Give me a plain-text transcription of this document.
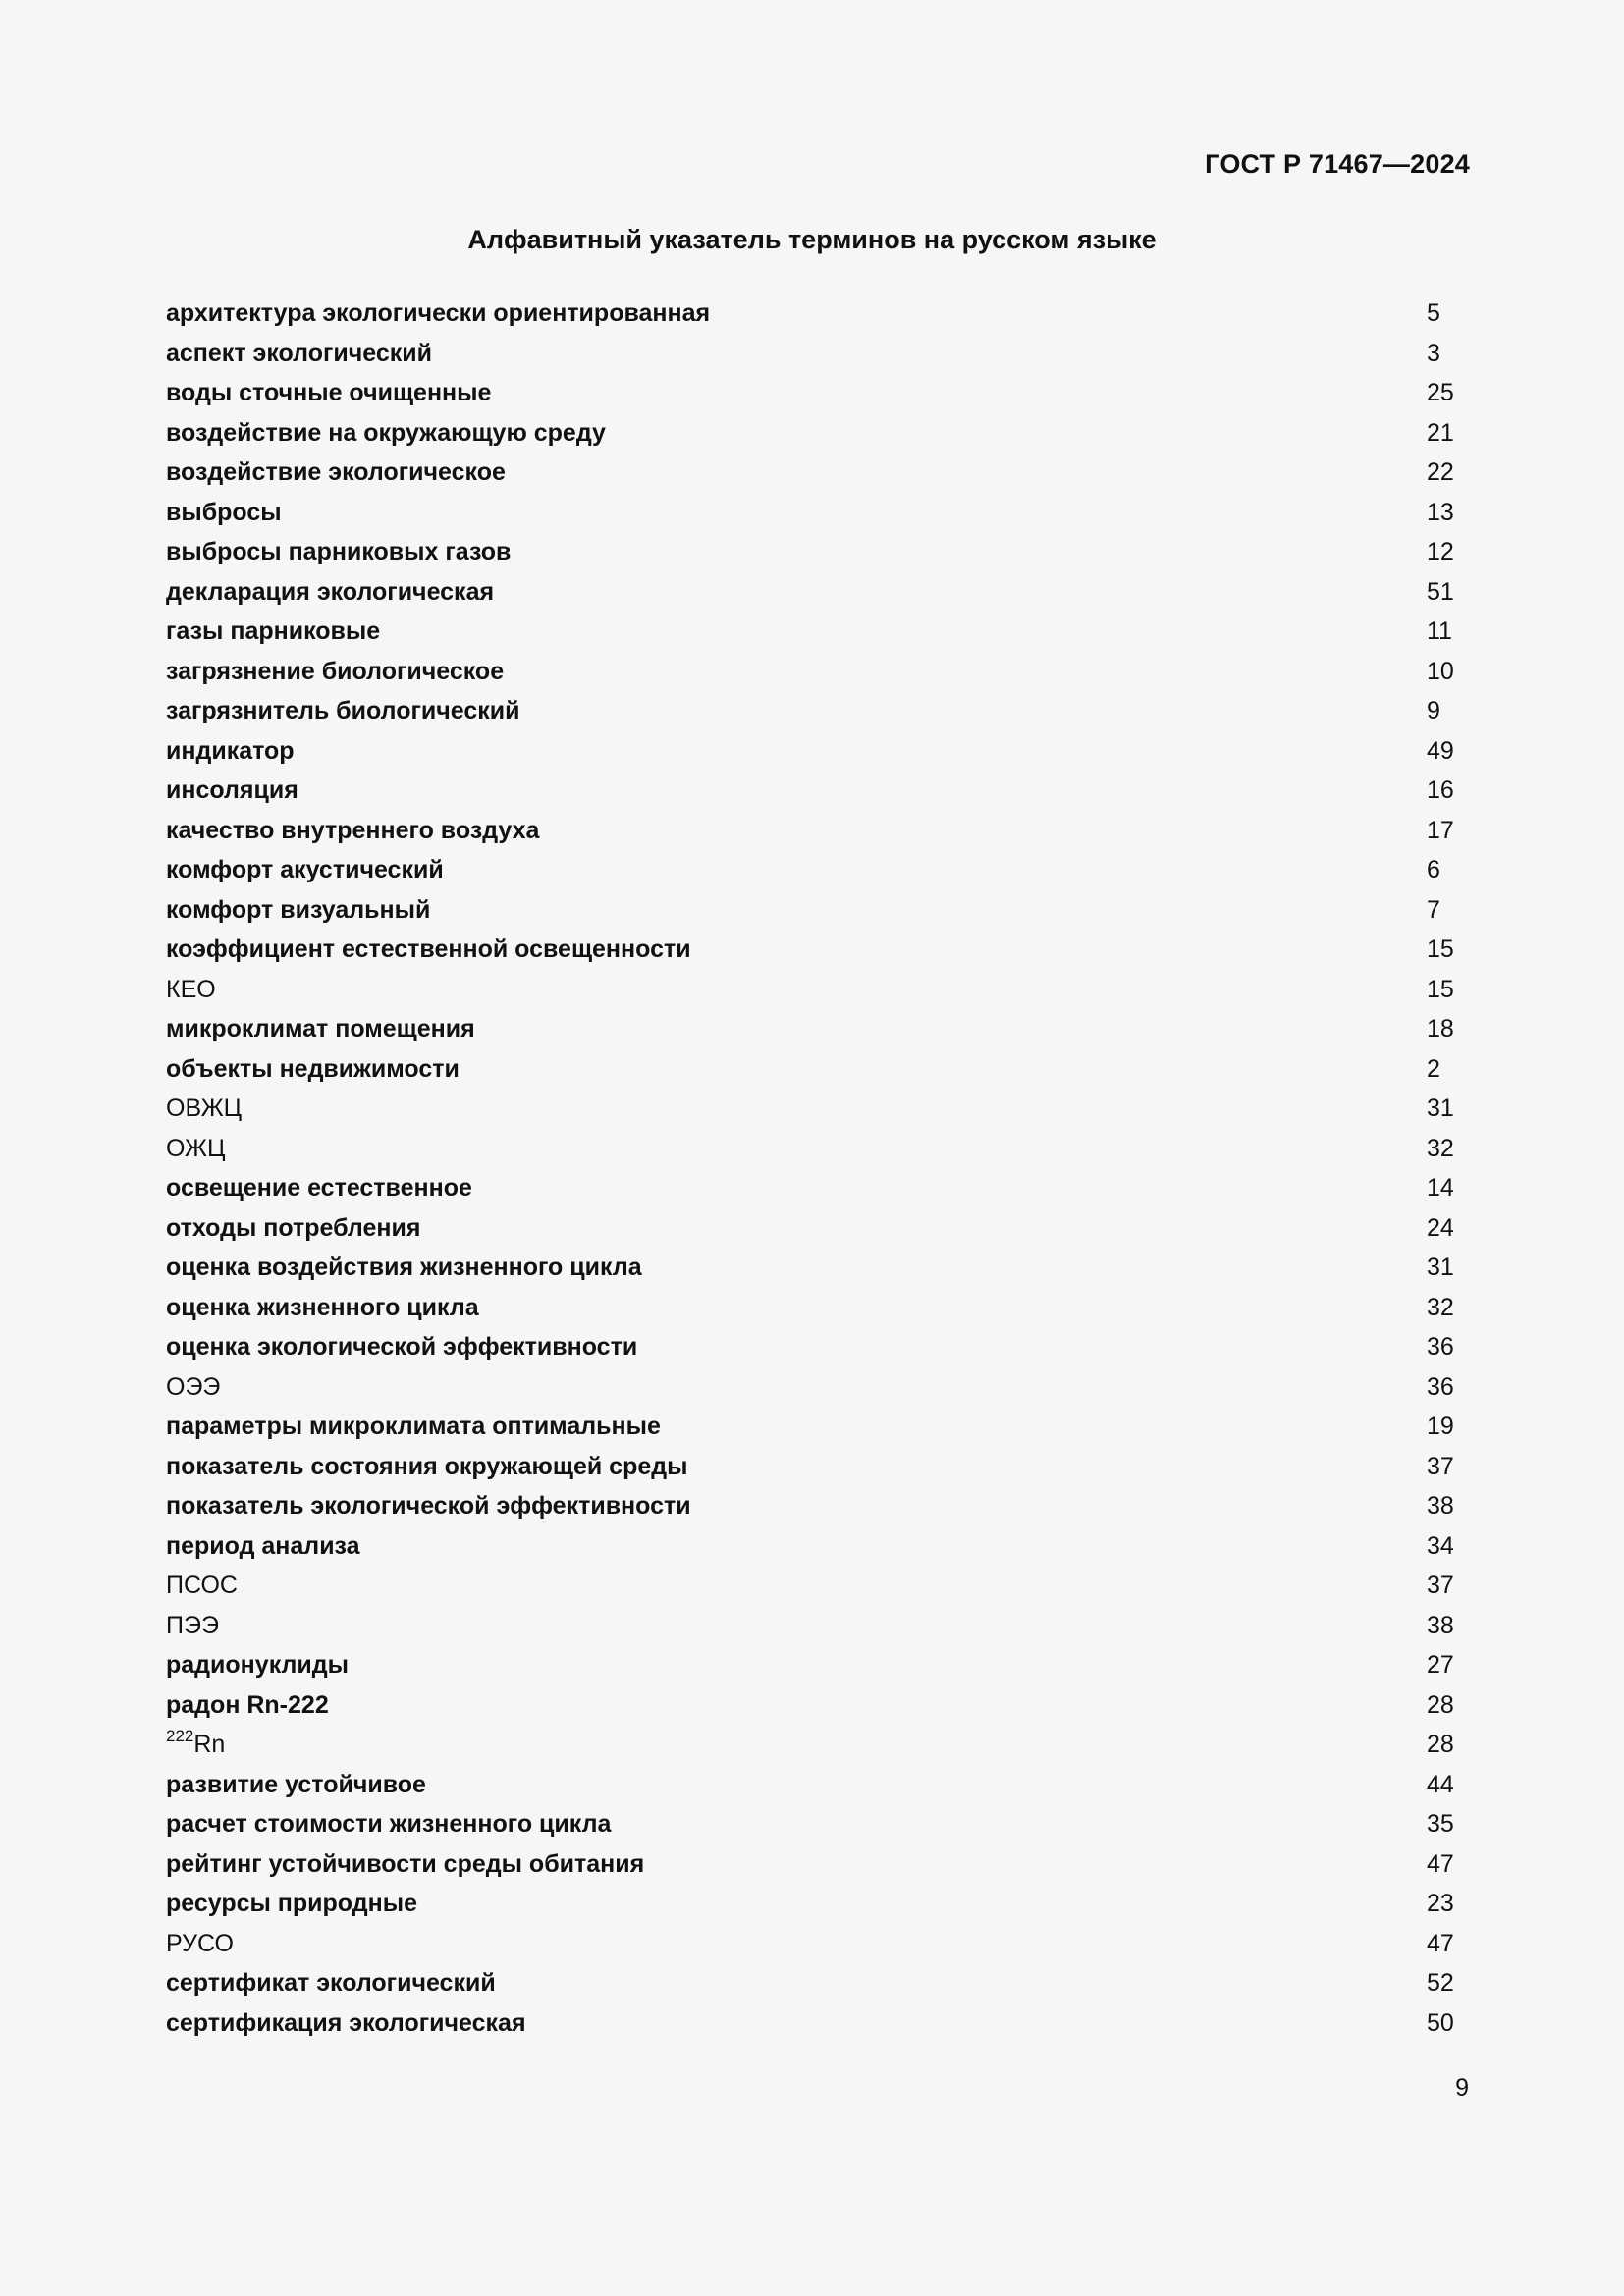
ГОСТ Р 71467—2024
Алфавитный указатель терминов на русском языке
архитектура экологически ориентированная	5
аспект экологический	3
воды сточные очищенные	25
воздействие на окружающую среду	21
воздействие экологическое	22
выбросы	13
выбросы парниковых газов	12
декларация экологическая	51
газы парниковые	11
загрязнение биологическое	10
загрязнитель биологический	9
индикатор	49
инсоляция	16
качество внутреннего воздуха	17
комфорт акустический	6
комфорт визуальный	7
коэффициент естественной освещенности	15
КЕО	15
микроклимат помещения	18
объекты недвижимости	2
ОВЖЦ	31
ОЖЦ	32
освещение естественное	14
отходы потребления	24
оценка воздействия жизненного цикла	31
оценка жизненного цикла	32
оценка экологической эффективности	36
ОЭЭ	36
параметры микроклимата оптимальные	19
показатель состояния окружающей среды	37
показатель экологической эффективности	38
период анализа	34
ПСОС	37
ПЭЭ	38
радионуклиды	27
радон Rn-222	28
$^{222}$Rn	28
развитие устойчивое	44
расчет стоимости жизненного цикла	35
рейтинг устойчивости среды обитания	47
ресурсы природные	23
РУСО	47
сертификат экологический	52
сертификация экологическая	50
9
